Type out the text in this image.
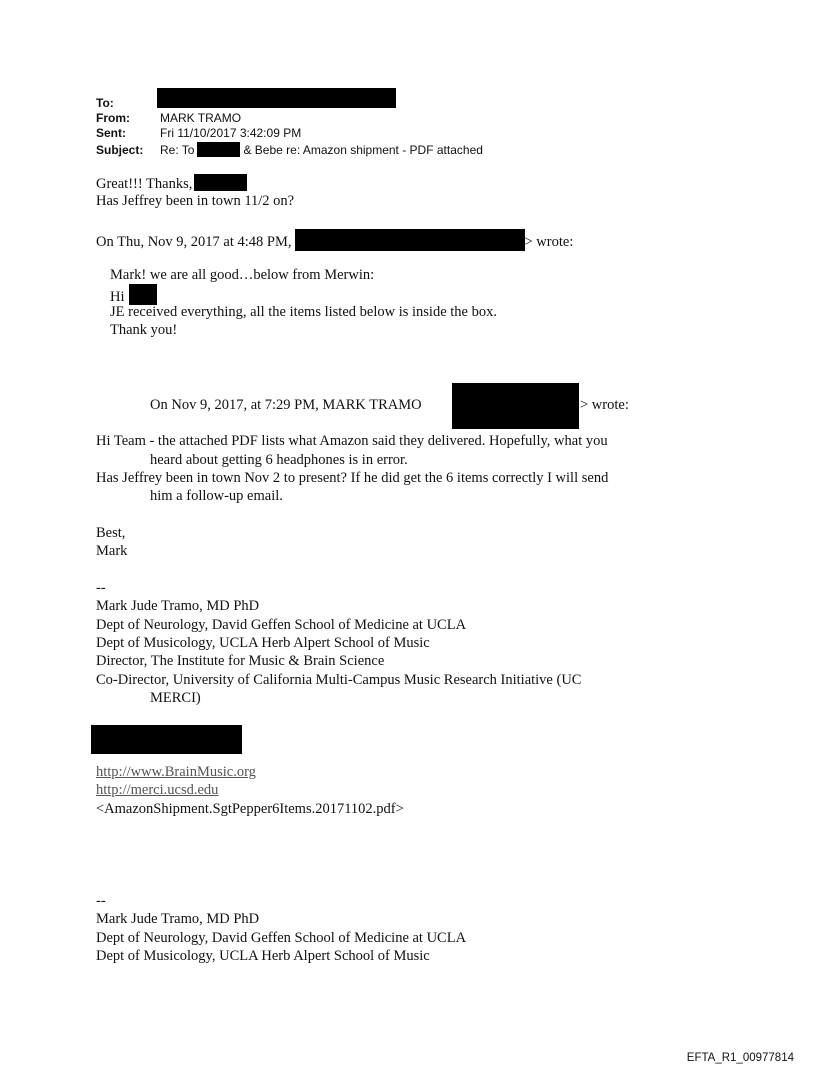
To:
From:	MARK TRAMO
Sent:	Fri 11/10/2017 3:42:09 PM
Subject: Re: To	& Bebe re: Amazon shipment - PDF attached
Great!!! Thanks,
Has Jeffrey been in town 11/2 on?
On Thu, Nov 9, 2017 at 4:48 PM,	> wrote:
Mark! we are all good…below from Merwin:
Hi
JE received everything, all the items listed below is inside the box.
Thank you!
On Nov 9, 2017, at 7:29 PM, MARK TRAMO	> wrote:
Hi Team - the attached PDF lists what Amazon said they delivered. Hopefully, what you
heard about getting 6 headphones is in error.
Has Jeffrey been in town Nov 2 to present? If he did get the 6 items correctly I will send
him a follow-up email.
Best,
Mark
--
Mark Jude Tramo, MD PhD
Dept of Neurology, David Geffen School of Medicine at UCLA
Dept of Musicology, UCLA Herb Alpert School of Music
Director, The Institute for Music & Brain Science
Co-Director, University of California Multi-Campus Music Research Initiative (UC
MERCI)
http://www.BrainMusic.org
http://merci.ucsd.edu
<AmazonShipment.SgtPepper6Items.20171102.pdf>
--
Mark Jude Tramo, MD PhD
Dept of Neurology, David Geffen School of Medicine at UCLA
Dept of Musicology, UCLA Herb Alpert School of Music
EFTA_R1_00977814
